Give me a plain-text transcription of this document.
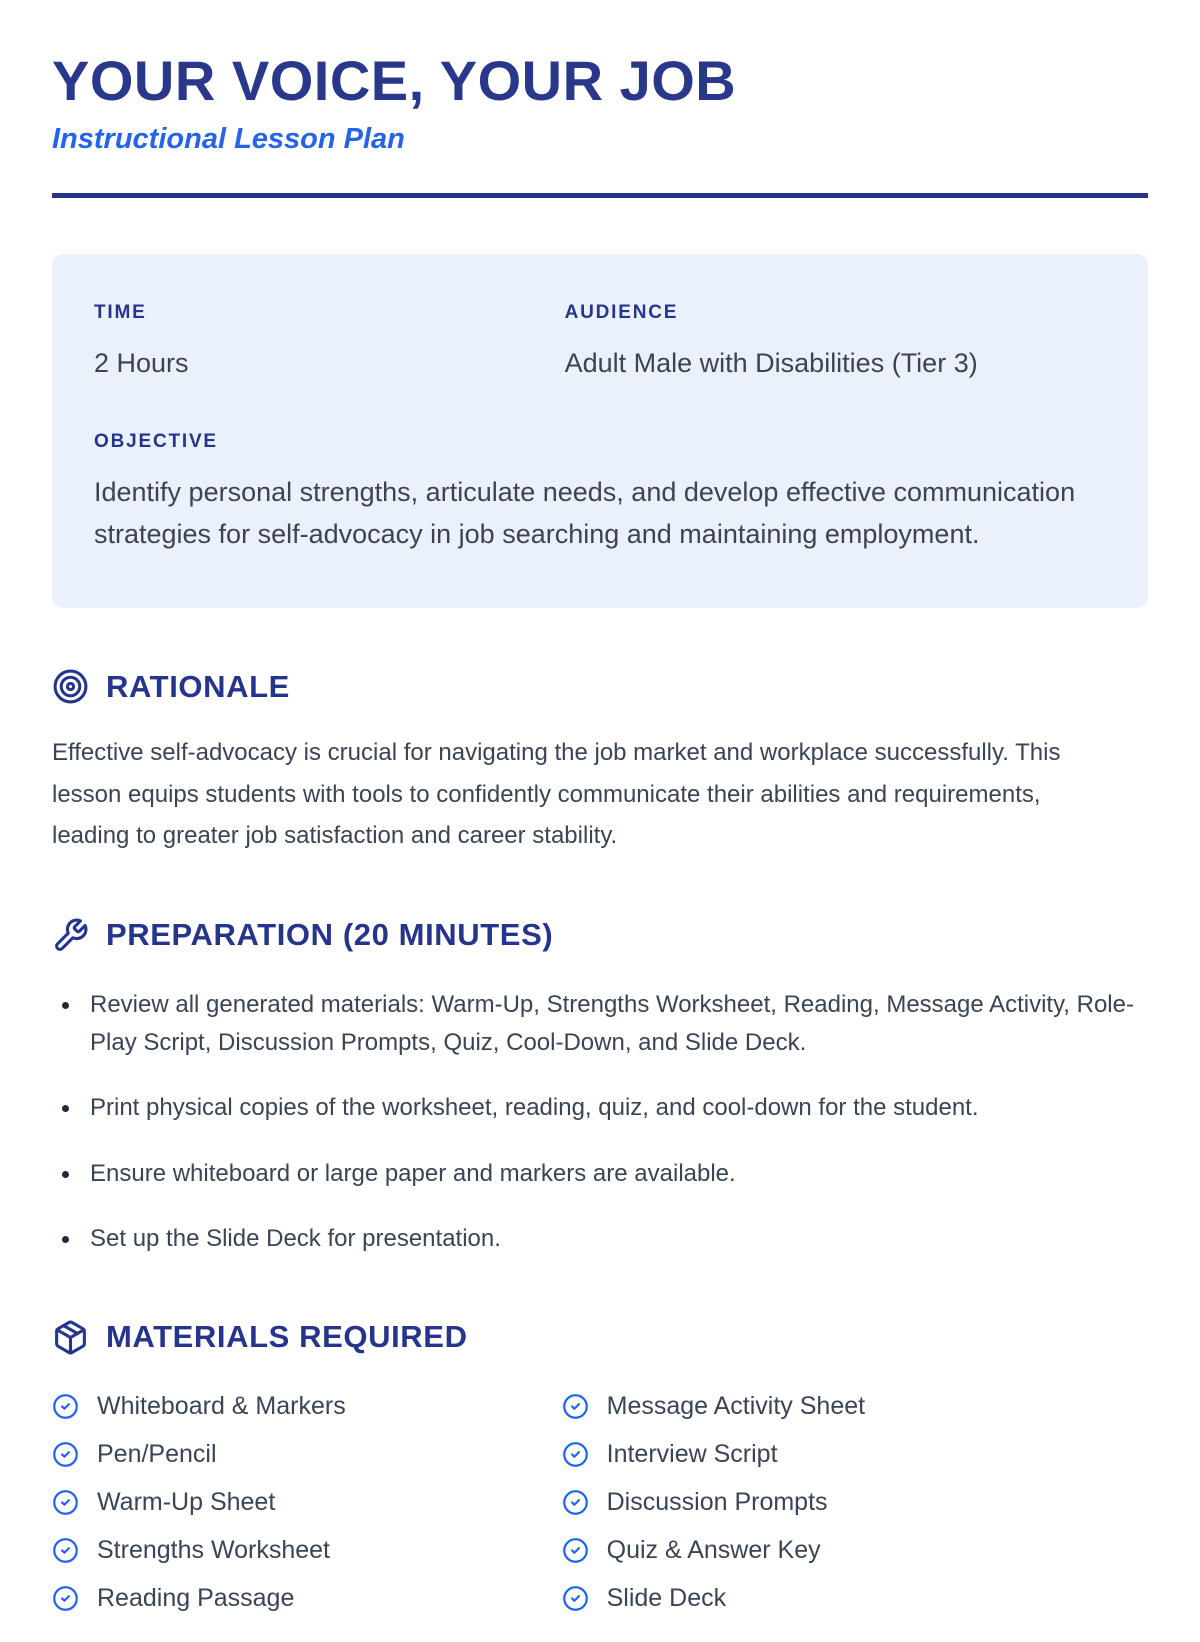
YOUR VOICE, YOUR JOB

Instructional Lesson Plan

TIME
2 Hours
AUDIENCE
Adult Male with Disabilities (Tier 3)
OBJECTIVE
Identify personal strengths, articulate needs, and develop effective communication strategies for self-advocacy in job searching and maintaining employment.
RATIONALE

Effective self-advocacy is crucial for navigating the job market and workplace successfully. This lesson equips students with tools to confidently communicate their abilities and requirements, leading to greater job satisfaction and career stability.

PREPARATION (20 MINUTES)
• Review all generated materials: Warm-Up, Strengths Worksheet, Reading, Message Activity, Role-Play Script, Discussion Prompts, Quiz, Cool-Down, and Slide Deck.
• Print physical copies of the worksheet, reading, quiz, and cool-down for the student.
• Ensure whiteboard or large paper and markers are available.
• Set up the Slide Deck for presentation.
MATERIALS REQUIRED
Whiteboard & Markers
Pen/Pencil
Warm-Up Sheet
Strengths Worksheet
Reading Passage
Message Activity Sheet
Interview Script
Discussion Prompts
Quiz & Answer Key
Slide Deck
